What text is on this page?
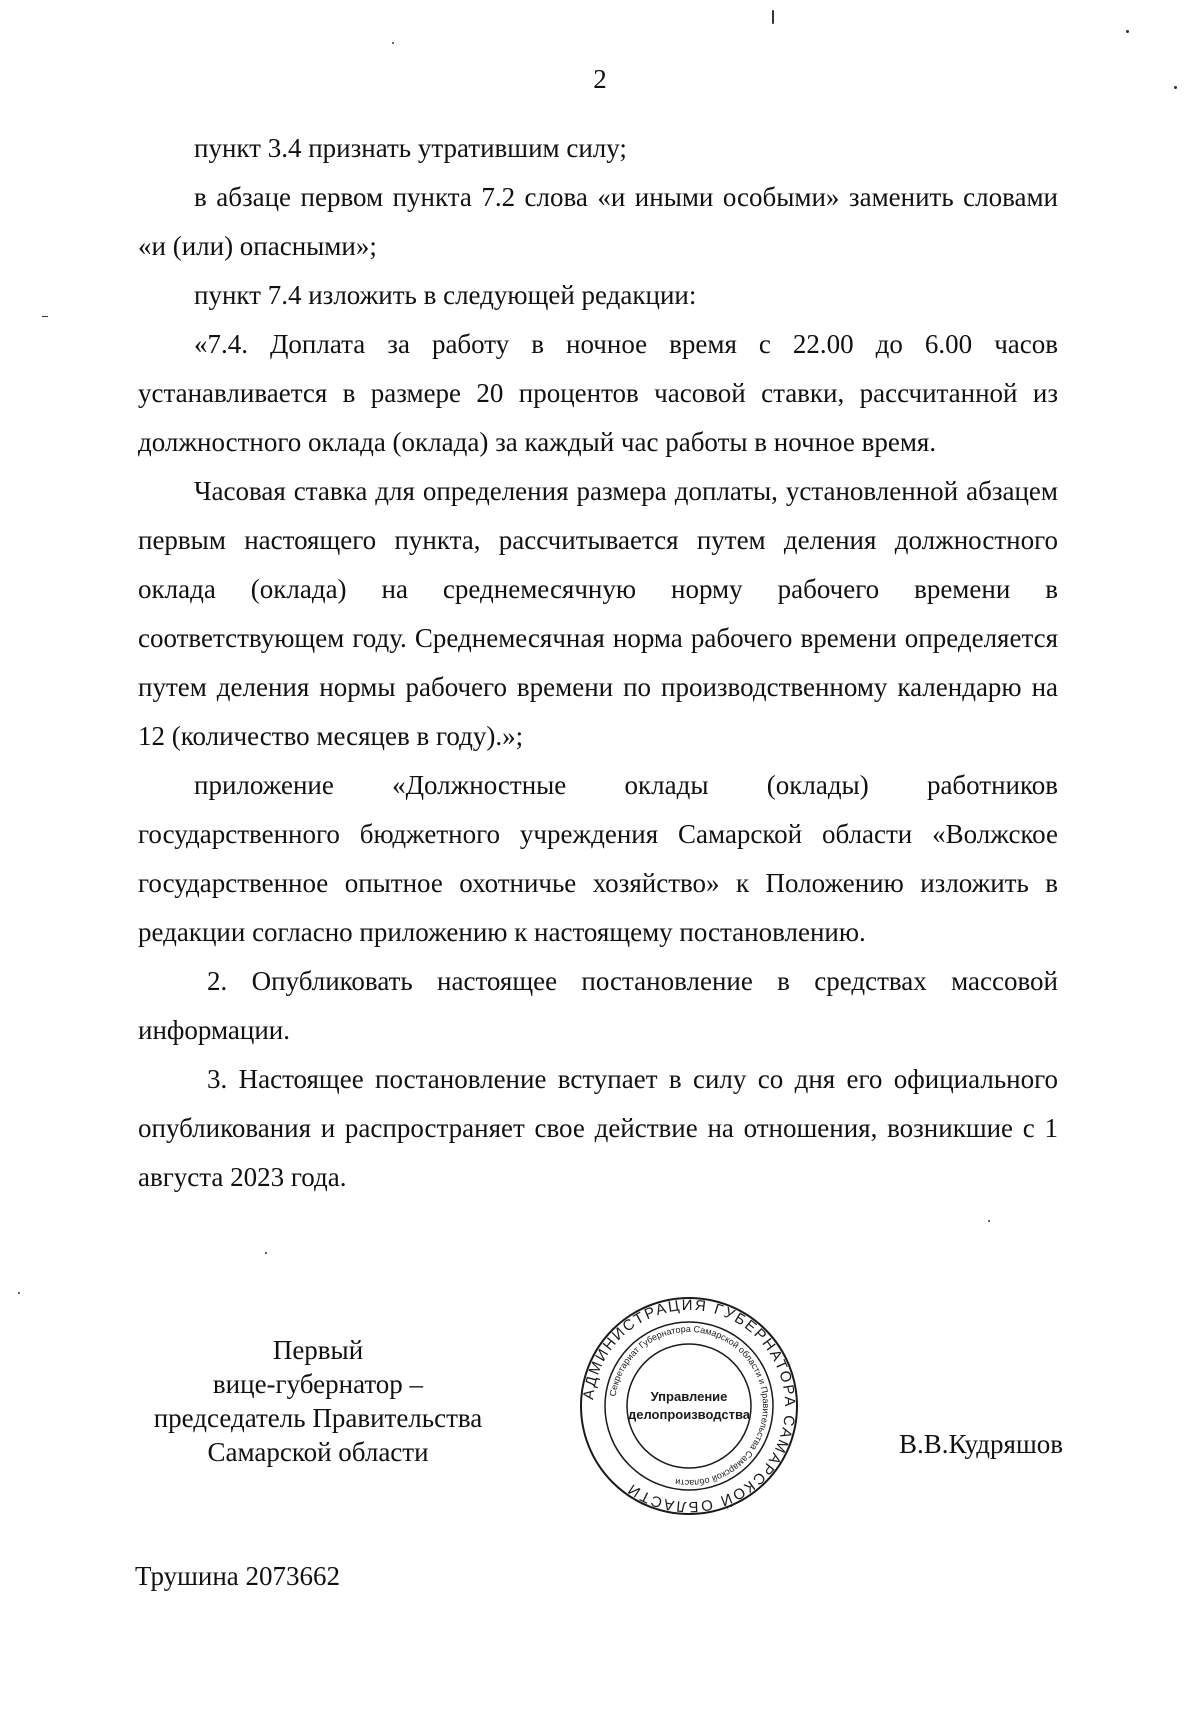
2

пункт 3.4 признать утратившим силу;

в абзаце первом пункта 7.2 слова «и иными особыми» заменить словами «и (или) опасными»;

пункт 7.4 изложить в следующей редакции:

«7.4. Доплата за работу в ночное время с 22.00 до 6.00 часов устанавливается в размере 20 процентов часовой ставки, рассчитанной из должностного оклада (оклада) за каждый час работы в ночное время.

Часовая ставка для определения размера доплаты, установленной абзацем первым настоящего пункта, рассчитывается путем деления должностного оклада (оклада) на среднемесячную норму рабочего времени в соответствующем году. Среднемесячная норма рабочего времени определяется путем деления нормы рабочего времени по производственному календарю на 12 (количество месяцев в году).»;

приложение «Должностные оклады (оклады) работников государственного бюджетного учреждения Самарской области «Волжское государственное опытное охотничье хозяйство» к Положению изложить в редакции согласно приложению к настоящему постановлению.

2. Опубликовать настоящее постановление в средствах массовой информации.

3. Настоящее постановление вступает в силу со дня его официального опубликования и распространяет свое действие на отношения, возникшие с 1 августа 2023 года.

Первый
вице-губернатор –
председатель Правительства
Самарской области
АДМИНИСТРАЦИЯ ГУБЕРНАТОРА САМАРСКОЙ ОБЛАСТИ
Секретариат Губернатора Самарской области и Правительства Самарской области
Управление
делопроизводства
В.В.Кудряшов
Трушина 2073662
